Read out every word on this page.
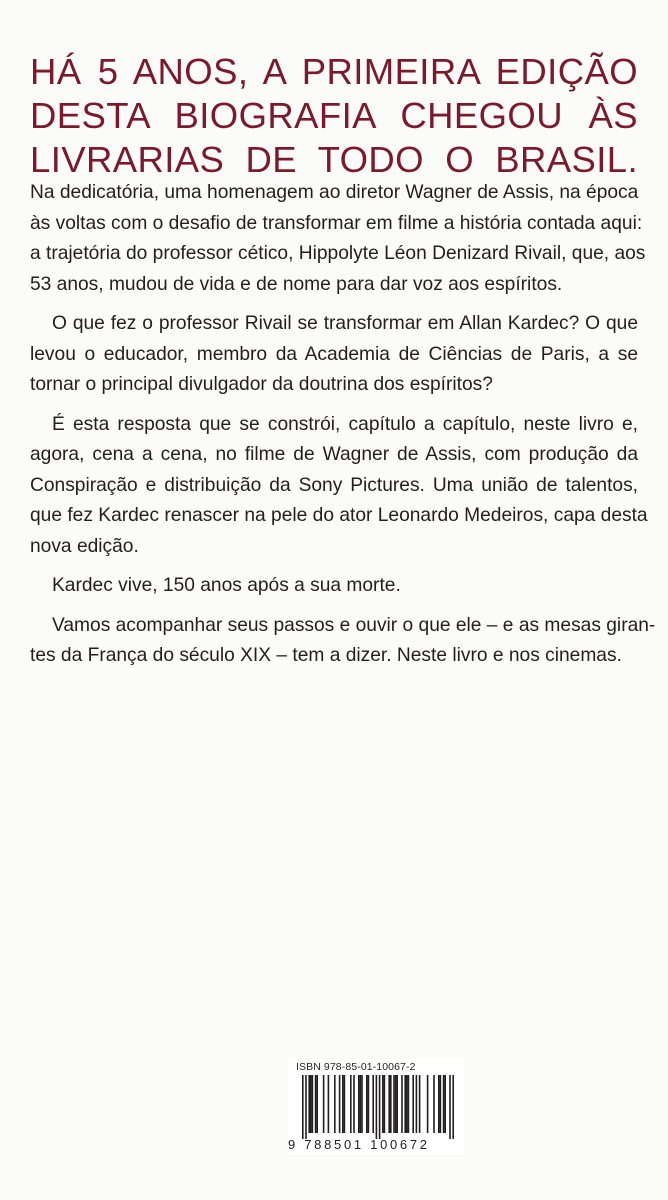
HÁ 5 ANOS, A PRIMEIRA EDIÇÃO
DESTA BIOGRAFIA CHEGOU ÀS
LIVRARIAS DE TODO O BRASIL.

Na dedicatória, uma homenagem ao diretor Wagner de Assis, na época
às voltas com o desafio de transformar em filme a história contada aqui:
a trajetória do professor cético, Hippolyte Léon Denizard Rivail, que, aos
53 anos, mudou de vida e de nome para dar voz aos espíritos.

O que fez o professor Rivail se transformar em Allan Kardec? O que
levou o educador, membro da Academia de Ciências de Paris, a se
tornar o principal divulgador da doutrina dos espíritos?

É esta resposta que se constrói, capítulo a capítulo, neste livro e,
agora, cena a cena, no filme de Wagner de Assis, com produção da
Conspiração e distribuição da Sony Pictures. Uma união de talentos,
que fez Kardec renascer na pele do ator Leonardo Medeiros, capa desta
nova edição.

Kardec vive, 150 anos após a sua morte.

Vamos acompanhar seus passos e ouvir o que ele – e as mesas giran-
tes da França do século XIX – tem a dizer. Neste livro e nos cinemas.

ISBN 978-85-01-10067-2
9 788501 100672
